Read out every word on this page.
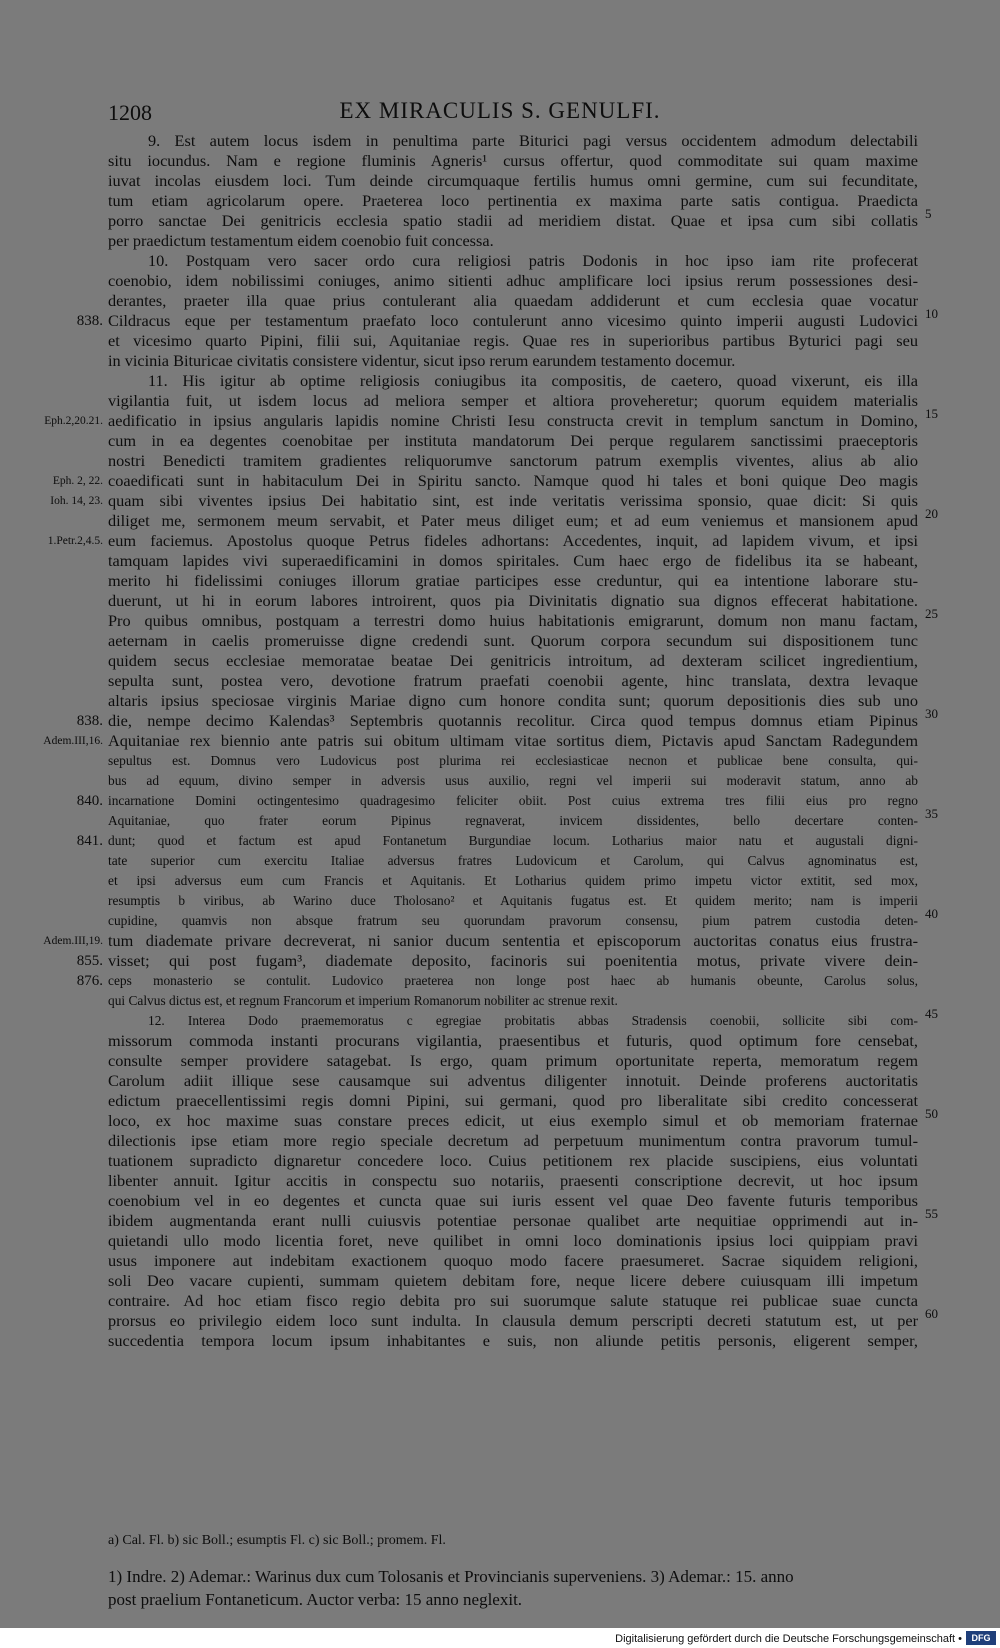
1208	EX MIRACULIS S. GENULFI.
9. Est autem locus isdem in penultima parte Biturici pagi versus occidentem admodum delectabili
situ iocundus. Nam e regione fluminis Agneris¹ cursus offertur, quod commoditate sui quam maxime
iuvat incolas eiusdem loci. Tum deinde circumquaque fertilis humus omni germine, cum sui fecunditate,
tum etiam agricolarum opere. Praeterea loco pertinentia ex maxima parte satis contigua. Praedicta
porro sanctae Dei genitricis ecclesia spatio stadii ad meridiem distat. Quae et ipsa cum sibi collatis
per praedictum testamentum eidem coenobio fuit concessa.
10. Postquam vero sacer ordo cura religiosi patris Dodonis in hoc ipso iam rite profecerat
coenobio, idem nobilissimi coniuges, animo sitienti adhuc amplificare loci ipsius rerum possessiones desi-
derantes, praeter illa quae prius contulerant alia quaedam addiderunt et cum ecclesia quae vocatur
Cildracus eque per testamentum praefato loco contulerunt anno vicesimo quinto imperii augusti Ludovici
et vicesimo quarto Pipini, filii sui, Aquitaniae regis. Quae res in superioribus partibus Byturici pagi seu
in vicinia Bituricae civitatis consistere videntur, sicut ipso rerum earundem testamento docemur.
11. His igitur ab optime religiosis coniugibus ita compositis, de caetero, quoad vixerunt, eis illa
vigilantia fuit, ut isdem locus ad meliora semper et altiora proveheretur; quorum equidem materialis
aedificatio in ipsius angularis lapidis nomine Christi Iesu constructa crevit in templum sanctum in Domino,
cum in ea degentes coenobitae per instituta mandatorum Dei perque regularem sanctissimi praeceptoris
nostri Benedicti tramitem gradientes reliquorumve sanctorum patrum exemplis viventes, alius ab alio
coaedificati sunt in habitaculum Dei in Spiritu sancto. Namque quod hi tales et boni quique Deo magis
quam sibi viventes ipsius Dei habitatio sint, est inde veritatis verissima sponsio, quae dicit: Si quis
diliget me, sermonem meum servabit, et Pater meus diliget eum; et ad eum veniemus et mansionem apud
eum faciemus. Apostolus quoque Petrus fideles adhortans: Accedentes, inquit, ad lapidem vivum, et ipsi
tamquam lapides vivi superaedificamini in domos spiritales. Cum haec ergo de fidelibus ita se habeant,
merito hi fidelissimi coniuges illorum gratiae participes esse creduntur, qui ea intentione laborare stu-
duerunt, ut hi in eorum labores introirent, quos pia Divinitatis dignatio sua dignos effecerat habitatione.
Pro quibus omnibus, postquam a terrestri domo huius habitationis emigrarunt, domum non manu factam,
aeternam in caelis promeruisse digne credendi sunt. Quorum corpora secundum sui dispositionem tunc
quidem secus ecclesiae memoratae beatae Dei genitricis introitum, ad dexteram scilicet ingredientium,
sepulta sunt, postea vero, devotione fratrum praefati coenobii agente, hinc translata, dextra levaque
altaris ipsius speciosae virginis Mariae digno cum honore condita sunt; quorum depositionis dies sub uno
die, nempe decimo Kalendas³ Septembris quotannis recolitur. Circa quod tempus domnus etiam Pipinus
Aquitaniae rex biennio ante patris sui obitum ultimam vitae sortitus diem, Pictavis apud Sanctam Radegundem
sepultus est. Domnus vero Ludovicus post plurima rei ecclesiasticae necnon et publicae bene consulta, qui-
bus ad equum, divino semper in adversis usus auxilio, regni vel imperii sui moderavit statum, anno ab
incarnatione Domini octingentesimo quadragesimo feliciter obiit. Post cuius extrema tres filii eius pro regno
Aquitaniae, quo frater eorum Pipinus regnaverat, invicem dissidentes, bello decertare conten-
dunt; quod et factum est apud Fontanetum Burgundiae locum. Lotharius maior natu et augustali digni-
tate superior cum exercitu Italiae adversus fratres Ludovicum et Carolum, qui Calvus agnominatus est,
et ipsi adversus eum cum Francis et Aquitanis. Et Lotharius quidem primo impetu victor extitit, sed mox,
resumptis b viribus, ab Warino duce Tholosano² et Aquitanis fugatus est. Et quidem merito; nam is imperii
cupidine, quamvis non absque fratrum seu quorundam pravorum consensu, pium patrem custodia deten-
tum diademate privare decreverat, ni sanior ducum sententia et episcoporum auctoritas conatus eius frustra-
visset; qui post fugam³, diademate deposito, facinoris sui poenitentia motus, private vivere dein-
ceps monasterio se contulit. Ludovico praeterea non longe post haec ab humanis obeunte, Carolus solus,
qui Calvus dictus est, et regnum Francorum et imperium Romanorum nobiliter ac strenue rexit.
12. Interea Dodo praememoratus c egregiae probitatis abbas Stradensis coenobii, sollicite sibi com-
missorum commoda instanti procurans vigilantia, praesentibus et futuris, quod optimum fore censebat,
consulte semper providere satagebat. Is ergo, quam primum oportunitate reperta, memoratum regem
Carolum adiit illique sese causamque sui adventus diligenter innotuit. Deinde proferens auctoritatis
edictum praecellentissimi regis domni Pipini, sui germani, quod pro liberalitate sibi credito concesserat
loco, ex hoc maxime suas constare preces edicit, ut eius exemplo simul et ob memoriam fraternae
dilectionis ipse etiam more regio speciale decretum ad perpetuum munimentum contra pravorum tumul-
tuationem supradicto dignaretur concedere loco. Cuius petitionem rex placide suscipiens, eius voluntati
libenter annuit. Igitur accitis in conspectu suo notariis, praesenti conscriptione decrevit, ut hoc ipsum
coenobium vel in eo degentes et cuncta quae sui iuris essent vel quae Deo favente futuris temporibus
ibidem augmentanda erant nulli cuiusvis potentiae personae qualibet arte nequitiae opprimendi aut in-
quietandi ullo modo licentia foret, neve quilibet in omni loco dominationis ipsius loci quippiam pravi
usus imponere aut indebitam exactionem quoquo modo facere praesumeret. Sacrae siquidem religioni,
soli Deo vacare cupienti, summam quietem debitam fore, neque licere debere cuiusquam illi impetum
contraire. Ad hoc etiam fisco regio debita pro sui suorumque salute statuque rei publicae suae cuncta
prorsus eo privilegio eidem loco sunt indulta. In clausula demum perscripti decreti statutum est, ut per
succedentia tempora locum ipsum inhabitantes e suis, non aliunde petitis personis, eligerent semper,
838.
Eph.2,20.21.
Eph. 2, 22.
Ioh. 14, 23.
1.Petr.2,4.5.
838.
Adem.III,16.
840.
841.
Adem.III,19.
855.
876.
5
10
15
20
25
30
35
40
45
50
55
60
a) Cal. Fl. b) sic Boll.; esumptis Fl. c) sic Boll.; promem. Fl.
1) Indre. 2) Ademar.: Warinus dux cum Tolosanis et Provincianis superveniens. 3) Ademar.: 15. anno
post praelium Fontaneticum. Auctor verba: 15 anno neglexit.
Digitalisierung gefördert durch die Deutsche Forschungsgemeinschaft •	DFG
